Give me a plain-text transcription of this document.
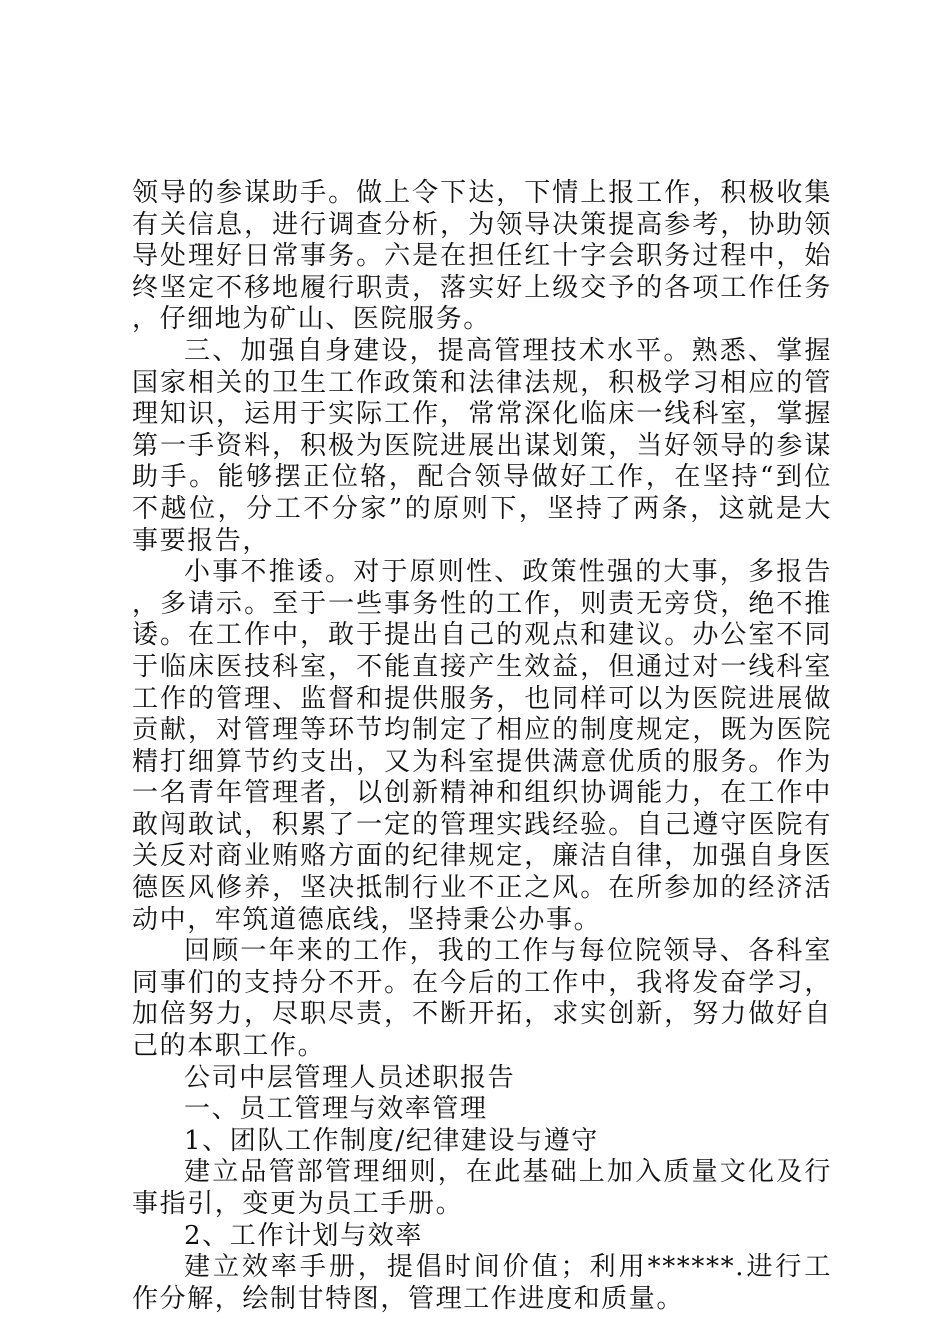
领导的参谋助手。做上令下达，下情上报工作，积极收集有关信息，进行调查分析，为领导决策提高参考，协助领导处理好日常事务。六是在担任红十字会职务过程中，始终坚定不移地履行职责，落实好上级交予的各项工作任务，仔细地为矿山、医院服务。

三、加强自身建设，提高管理技术水平。熟悉、掌握国家相关的卫生工作政策和法律法规，积极学习相应的管理知识，运用于实际工作，常常深化临床一线科室，掌握第一手资料，积极为医院进展出谋划策，当好领导的参谋助手。能够摆正位辂，配合领导做好工作，在坚持“到位不越位，分工不分家”的原则下，坚持了两条，这就是大事要报告，

小事不推诿。对于原则性、政策性强的大事，多报告，多请示。至于一些事务性的工作，则责无旁贷，绝不推诿。在工作中，敢于提出自己的观点和建议。办公室不同于临床医技科室，不能直接产生效益，但通过对一线科室工作的管理、监督和提供服务，也同样可以为医院进展做贡献，对管理等环节均制定了相应的制度规定，既为医院精打细算节约支出，又为科室提供满意优质的服务。作为一名青年管理者，以创新精神和组织协调能力，在工作中敢闯敢试，积累了一定的管理实践经验。自己遵守医院有关反对商业贿赂方面的纪律规定，廉洁自律，加强自身医德医风修养，坚决抵制行业不正之风。在所参加的经济活动中，牢筑道德底线，坚持秉公办事。

回顾一年来的工作，我的工作与每位院领导、各科室同事们的支持分不开。在今后的工作中，我将发奋学习，加倍努力，尽职尽责，不断开拓，求实创新，努力做好自己的本职工作。

公司中层管理人员述职报告

一、员工管理与效率管理

1、团队工作制度/纪律建设与遵守

建立品管部管理细则，在此基础上加入质量文化及行事指引，变更为员工手册。

2、工作计划与效率

建立效率手册，提倡时间价值；利用******.进行工作分解，绘制甘特图，管理工作进度和质量。
